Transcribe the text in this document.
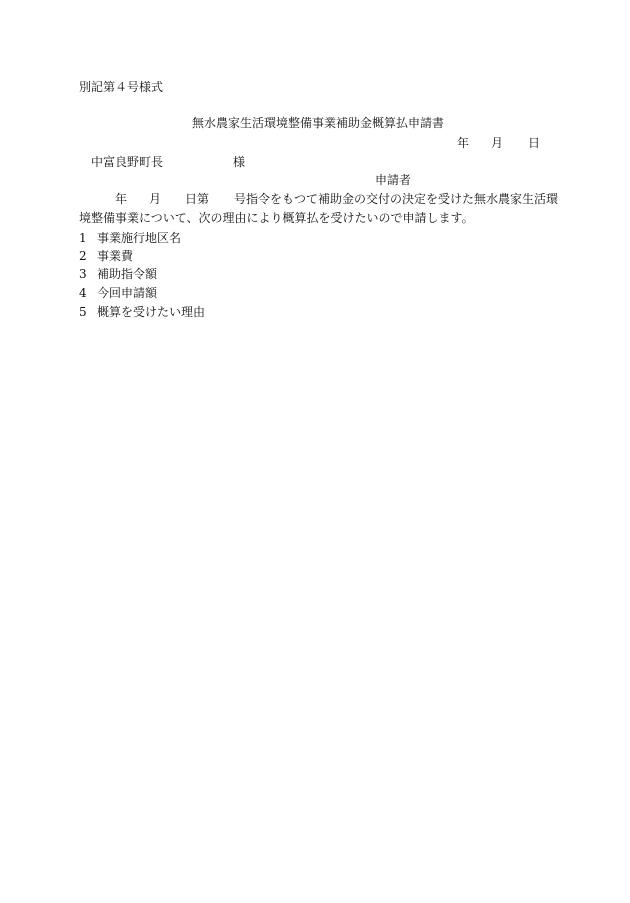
別記第４号様式
無水農家生活環境整備事業補助金概算払申請書
年 月 日
中富良野町長	様
申請者
年 月 日第 号指令をもつて補助金の交付の決定を受けた無水農家生活環
境整備事業について、次の理由により概算払を受けたいので申請します。
1 事業施行地区名
2 事業費
3 補助指令額
4 今回申請額
5 概算を受けたい理由
